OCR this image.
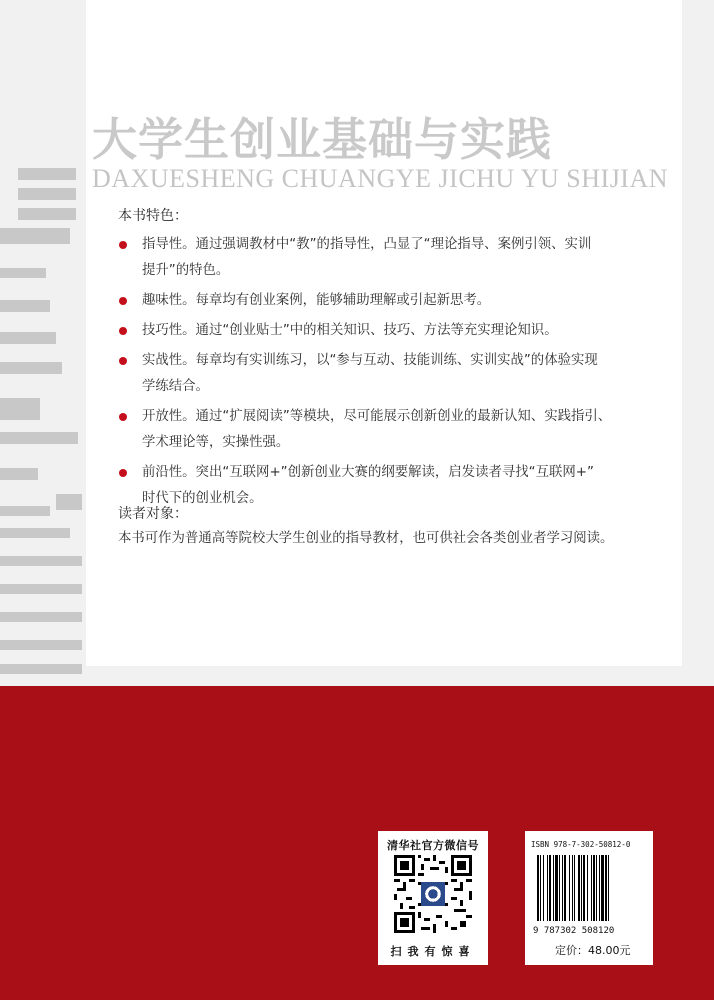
大学生创业基础与实践
DAXUESHENG CHUANGYE JICHU YU SHIJIAN
本书特色：
指导性。通过强调教材中“教”的指导性，凸显了“理论指导、案例引领、实训
提升”的特色。
趣味性。每章均有创业案例，能够辅助理解或引起新思考。
技巧性。通过“创业贴士”中的相关知识、技巧、方法等充实理论知识。
实战性。每章均有实训练习，以“参与互动、技能训练、实训实战”的体验实现
学练结合。
开放性。通过“扩展阅读”等模块，尽可能展示创新创业的最新认知、实践指引、
学术理论等，实操性强。
前沿性。突出“互联网+”创新创业大赛的纲要解读，启发读者寻找“互联网+”
时代下的创业机会。
读者对象：
本书可作为普通高等院校大学生创业的指导教材，也可供社会各类创业者学习阅读。
清华社官方微信号
扫我有惊喜
ISBN 978-7-302-50812-0
9 787302 508120
定价：48.00元
